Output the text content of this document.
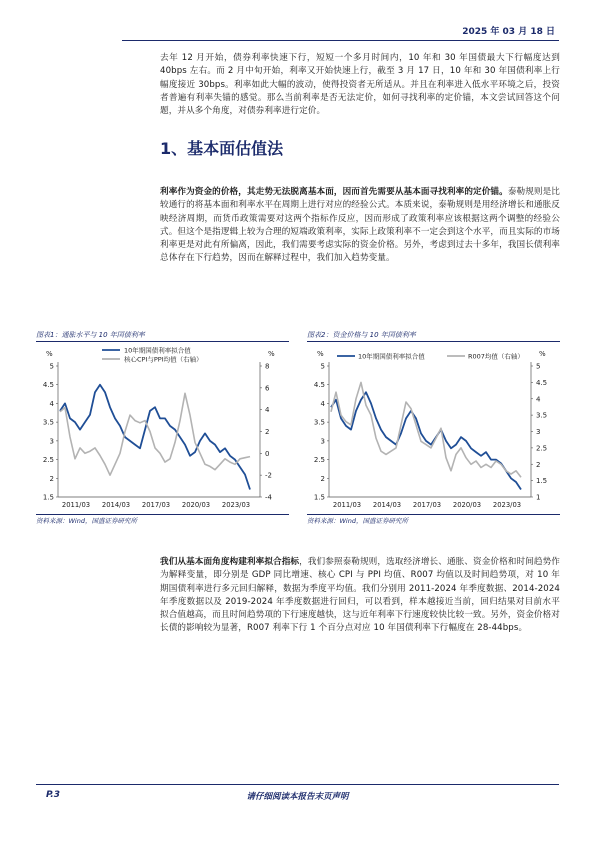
2025 年 03 月 18 日
去年 12 月开始，债券利率快速下行，短短一个多月时间内，10 年和 30 年国债最大下行幅度达到 40bps 左右。而 2 月中旬开始，利率又开始快速上行，截至 3 月 17 日，10 年和 30 年国债利率上行幅度接近 30bps。利率如此大幅的波动，使得投资者无所适从。并且在利率进入低水平环境之后，投资者普遍有利率失锚的感觉。那么当前利率是否无法定价，如何寻找利率的定价锚，本文尝试回答这个问题，并从多个角度，对债券利率进行定价。
1、基本面估值法
利率作为资金的价格，其走势无法脱离基本面，因而首先需要从基本面寻找利率的定价锚。泰勒规则是比较通行的将基本面和利率水平在周期上进行对应的经验公式。本质来说，泰勒规则是用经济增长和通胀反映经济周期，而货币政策需要对这两个指标作反应，因而形成了政策利率应该根据这两个调整的经验公式。但这个是指逻辑上较为合理的短端政策利率，实际上政策利率不一定会到这个水平，而且实际的市场利率更是对此有所偏离，因此，我们需要考虑实际的资金价格。另外，考虑到过去十多年，我国长债利率总体存在下行趋势，因而在解释过程中，我们加入趋势变量。
图表1：通胀水平与 10 年国债利率
%	%
1.5
2
2.5
3
3.5
4
4.5
5
-4
-2
0
2
4
6
8
2011/03 2014/03 2017/03 2020/03 2023/03
10年期国债利率拟合值
核心CPI与PPI均值（右轴）
资料来源：Wind，国盛证券研究所
图表2：资金价格与 10 年国债利率
%	%
1.5
2
2.5
3
3.5
4
4.5
5
1
1.5
2
2.5
3
3.5
4
4.5
5
2011/03 2014/03 2017/03 2020/03 2023/03
10年期国债利率拟合值	R007均值（右轴）
资料来源：Wind，国盛证券研究所
我们从基本面角度构建利率拟合指标，我们参照泰勒规则，选取经济增长、通胀、资金价格和时间趋势作为解释变量，即分别是 GDP 同比增速、核心 CPI 与 PPI 均值、R007 均值以及时间趋势项，对 10 年期国债利率进行多元回归解释，数据为季度平均值。我们分别用 2011-2024 年季度数据、2014-2024 年季度数据以及 2019-2024 年季度数据进行回归，可以看到，样本越接近当前，回归结果对目前水平拟合值越高，而且时间趋势项的下行速度越快，这与近年利率下行速度较快比较一致。另外，资金价格对长债的影响较为显著，R007 利率下行 1 个百分点对应 10 年国债利率下行幅度在 28-44bps。
P.3	请仔细阅读本报告末页声明
